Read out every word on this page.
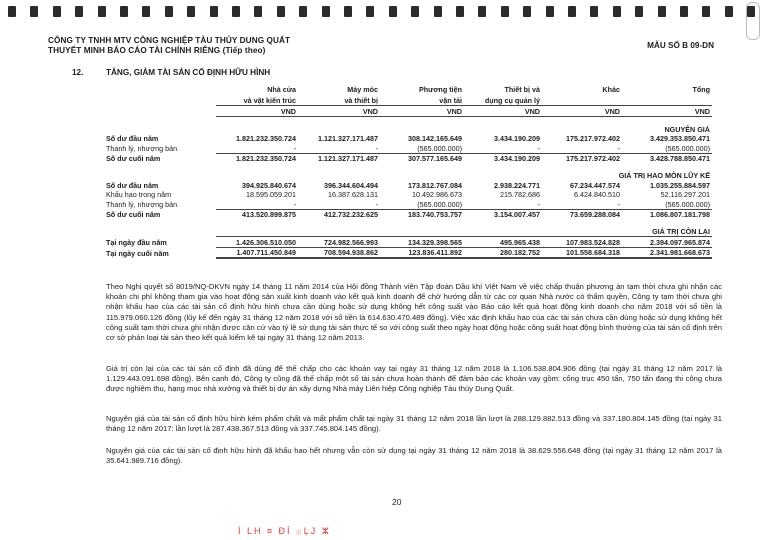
CÔNG TY TNHH MTV CÔNG NGHIỆP TÀU THỦY DUNG QUẤT
THUYẾT MINH BÁO CÁO TÀI CHÍNH RIÊNG (Tiếp theo)
MẪU SỐ B 09-DN
12.	TĂNG, GIẢM TÀI SẢN CỐ ĐỊNH HỮU HÌNH
	Nhà cửa	Máy móc	Phương tiện	Thiết bị và	Khác	Tổng
	và vật kiến trúc	và thiết bị	vận tải	dụng cụ quản lý		
	VND	VND	VND	VND	VND	VND

NGUYÊN GIÁ						
Số dư đầu năm	1.821.232.350.724	1.121.327.171.487	308.142.165.649	3.434.190.209	175.217.972.402	3.429.353.850.471
Thanh lý, nhượng bán	-	-	(565.000.000)	-	-	(565.000.000)
Số dư cuối năm	1.821.232.350.724	1.121.327.171.487	307.577.165.649	3.434.190.209	175.217.972.402	3.428.788.850.471

GIÁ TRỊ HAO MÒN LŨY KẾ						
Số dư đầu năm	394.925.840.674	396.344.604.494	173.812.767.084	2.938.224.771	67.234.447.574	1.035.255.884.597
Khấu hao trong năm	18.595.059.201	16.387.628.131	10.492.986.673	215.782.686	6.424.840.510	52.116.297.201
Thanh lý, nhượng bán	-	-	(565.000.000)	-	-	(565.000.000)
Số dư cuối năm	413.520.899.875	412.732.232.625	183.740.753.757	3.154.007.457	73.659.288.084	1.086.807.181.798

GIÁ TRỊ CÒN LẠI						
Tại ngày đầu năm	1.426.306.510.050	724.982.566.993	134.329.398.565	495.965.438	107.983.524.828	2.394.097.965.874
Tại ngày cuối năm	1.407.711.450.849	708.594.938.862	123.836.411.892	280.182.752	101.558.684.318	2.341.981.668.673
Theo Nghị quyết số 8019/NQ-DKVN ngày 14 tháng 11 năm 2014 của Hội đồng Thành viên Tập đoàn Dầu khí Việt Nam về việc chấp thuận phương án tạm thời chưa ghi nhận các khoản chi phí không tham gia vào hoạt động sản xuất kinh doanh vào kết quả kinh doanh để chờ hướng dẫn từ các cơ quan Nhà nước có thẩm quyền, Công ty tạm thời chưa ghi nhận khấu hao của các tài sản cố định hữu hình chưa cần dùng hoặc sử dụng không hết công suất vào Báo cáo kết quả hoạt động kinh doanh cho năm 2018 với số tiền là 115.979.060.126 đồng (lũy kế đến ngày 31 tháng 12 năm 2018 với số tiền là 614.630.470.489 đồng). Việc xác định khấu hao của các tài sản chưa cần dùng hoặc sử dụng không hết công suất tạm thời chưa ghi nhận được căn cứ vào tỷ lệ sử dụng tài sản thực tế so với công suất theo ngày hoạt động hoặc công suất hoạt động bình thường của tài sản cố định trên cơ sở phản loại tài sản theo kết quả kiểm kê tại ngày 31 tháng 12 năm 2013.
Giá trị còn lại của các tài sản cố định đã dùng để thế chấp cho các khoản vay tại ngày 31 tháng 12 năm 2018 là 1.106.538.804.906 đồng (tại ngày 31 tháng 12 năm 2017 là 1.129.443.091.698 đồng). Bên cạnh đó, Công ty cũng đã thế chấp một số tài sản chưa hoàn thành để đảm bảo các khoản vay gồm: cổng trục 450 tấn, 750 tấn đang thi công chưa được nghiệm thu, hạng mục nhà xưởng và thiết bị dự án xây dựng Nhà máy Liên hiệp Công nghiệp Tàu thủy Dung Quất.
Nguyên giá của tài sản cố định hữu hình kém phẩm chất và mất phẩm chất tại ngày 31 tháng 12 năm 2018 lần lượt là 288.129.882.513 đồng và 337.180.804.145 đồng (tại ngày 31 tháng 12 năm 2017: lần lượt là 287.438.367.513 đồng và 337.745.804.145 đồng).
Nguyên giá của các tài sản cố định hữu hình đã khấu hao hết nhưng vẫn còn sử dụng tại ngày 31 tháng 12 năm 2018 là 38.629.556.648 đồng (tại ngày 31 tháng 12 năm 2017 là 35.641.989.716 đồng).
20
Ì LH ¤ ĐÍ ۞ ḶJ ⵣ
